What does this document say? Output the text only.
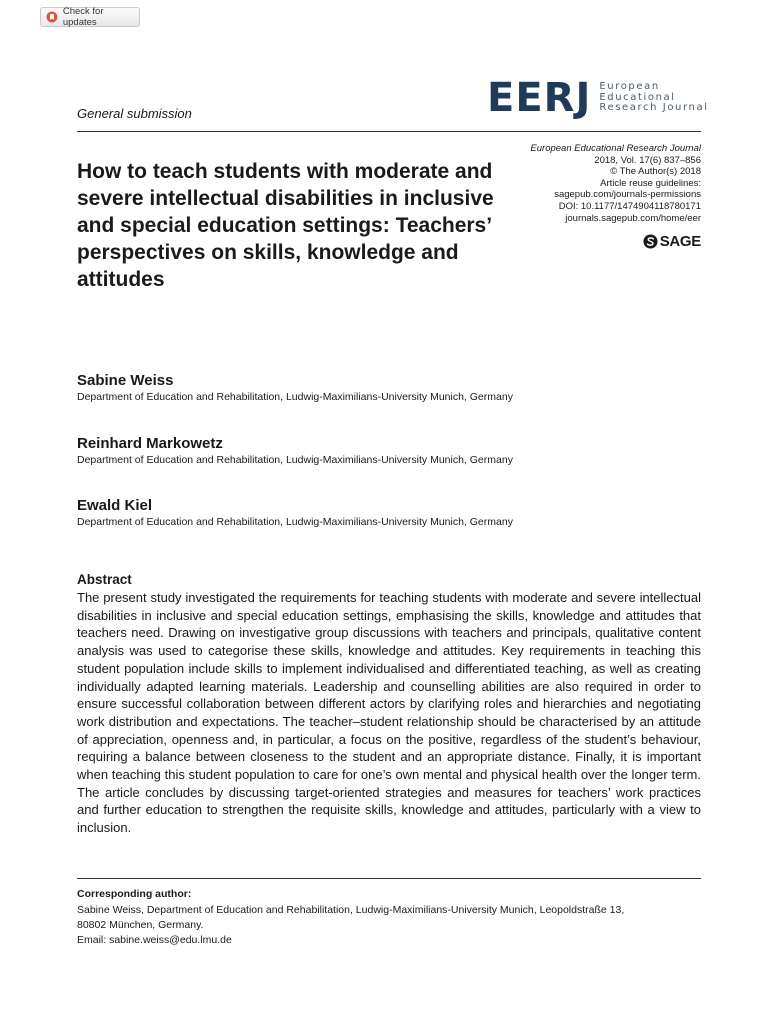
Check for updates
EERJ European
Educational
Research Journal
General submission
How to teach students with moderate and severe intellectual disabilities in inclusive and special education settings: Teachers’ perspectives on skills, knowledge and attitudes
European Educational Research Journal
2018, Vol. 17(6) 837–856
© The Author(s) 2018
Article reuse guidelines:
sagepub.com/journals-permissions
DOI: 10.1177/1474904118780171
journals.sagepub.com/home/eer
SAGE
Sabine Weiss
Department of Education and Rehabilitation, Ludwig-Maximilians-University Munich, Germany
Reinhard Markowetz
Department of Education and Rehabilitation, Ludwig-Maximilians-University Munich, Germany
Ewald Kiel
Department of Education and Rehabilitation, Ludwig-Maximilians-University Munich, Germany
Abstract

The present study investigated the requirements for teaching students with moderate and severe intellectual disabilities in inclusive and special education settings, emphasising the skills, knowledge and attitudes that teachers need. Drawing on investigative group discussions with teachers and principals, qualitative content analysis was used to categorise these skills, knowledge and attitudes. Key requirements in teaching this student population include skills to implement individualised and differentiated teaching, as well as creating individually adapted learning materials. Leadership and counselling abilities are also required in order to ensure successful collaboration between different actors by clarifying roles and hierarchies and negotiating work distribution and expectations. The teacher–student relationship should be characterised by an attitude of appreciation, openness and, in particular, a focus on the positive, regardless of the student’s behaviour, requiring a balance between closeness to the student and an appropriate distance. Finally, it is important when teaching this student population to care for one’s own mental and physical health over the longer term. The article concludes by discussing target-oriented strategies and measures for teachers’ work practices and further education to strengthen the requisite skills, knowledge and attitudes, particularly with a view to inclusion.

Corresponding author:
Sabine Weiss, Department of Education and Rehabilitation, Ludwig-Maximilians-University Munich, Leopoldstraße 13,
80802 München, Germany.
Email: sabine.weiss@edu.lmu.de
